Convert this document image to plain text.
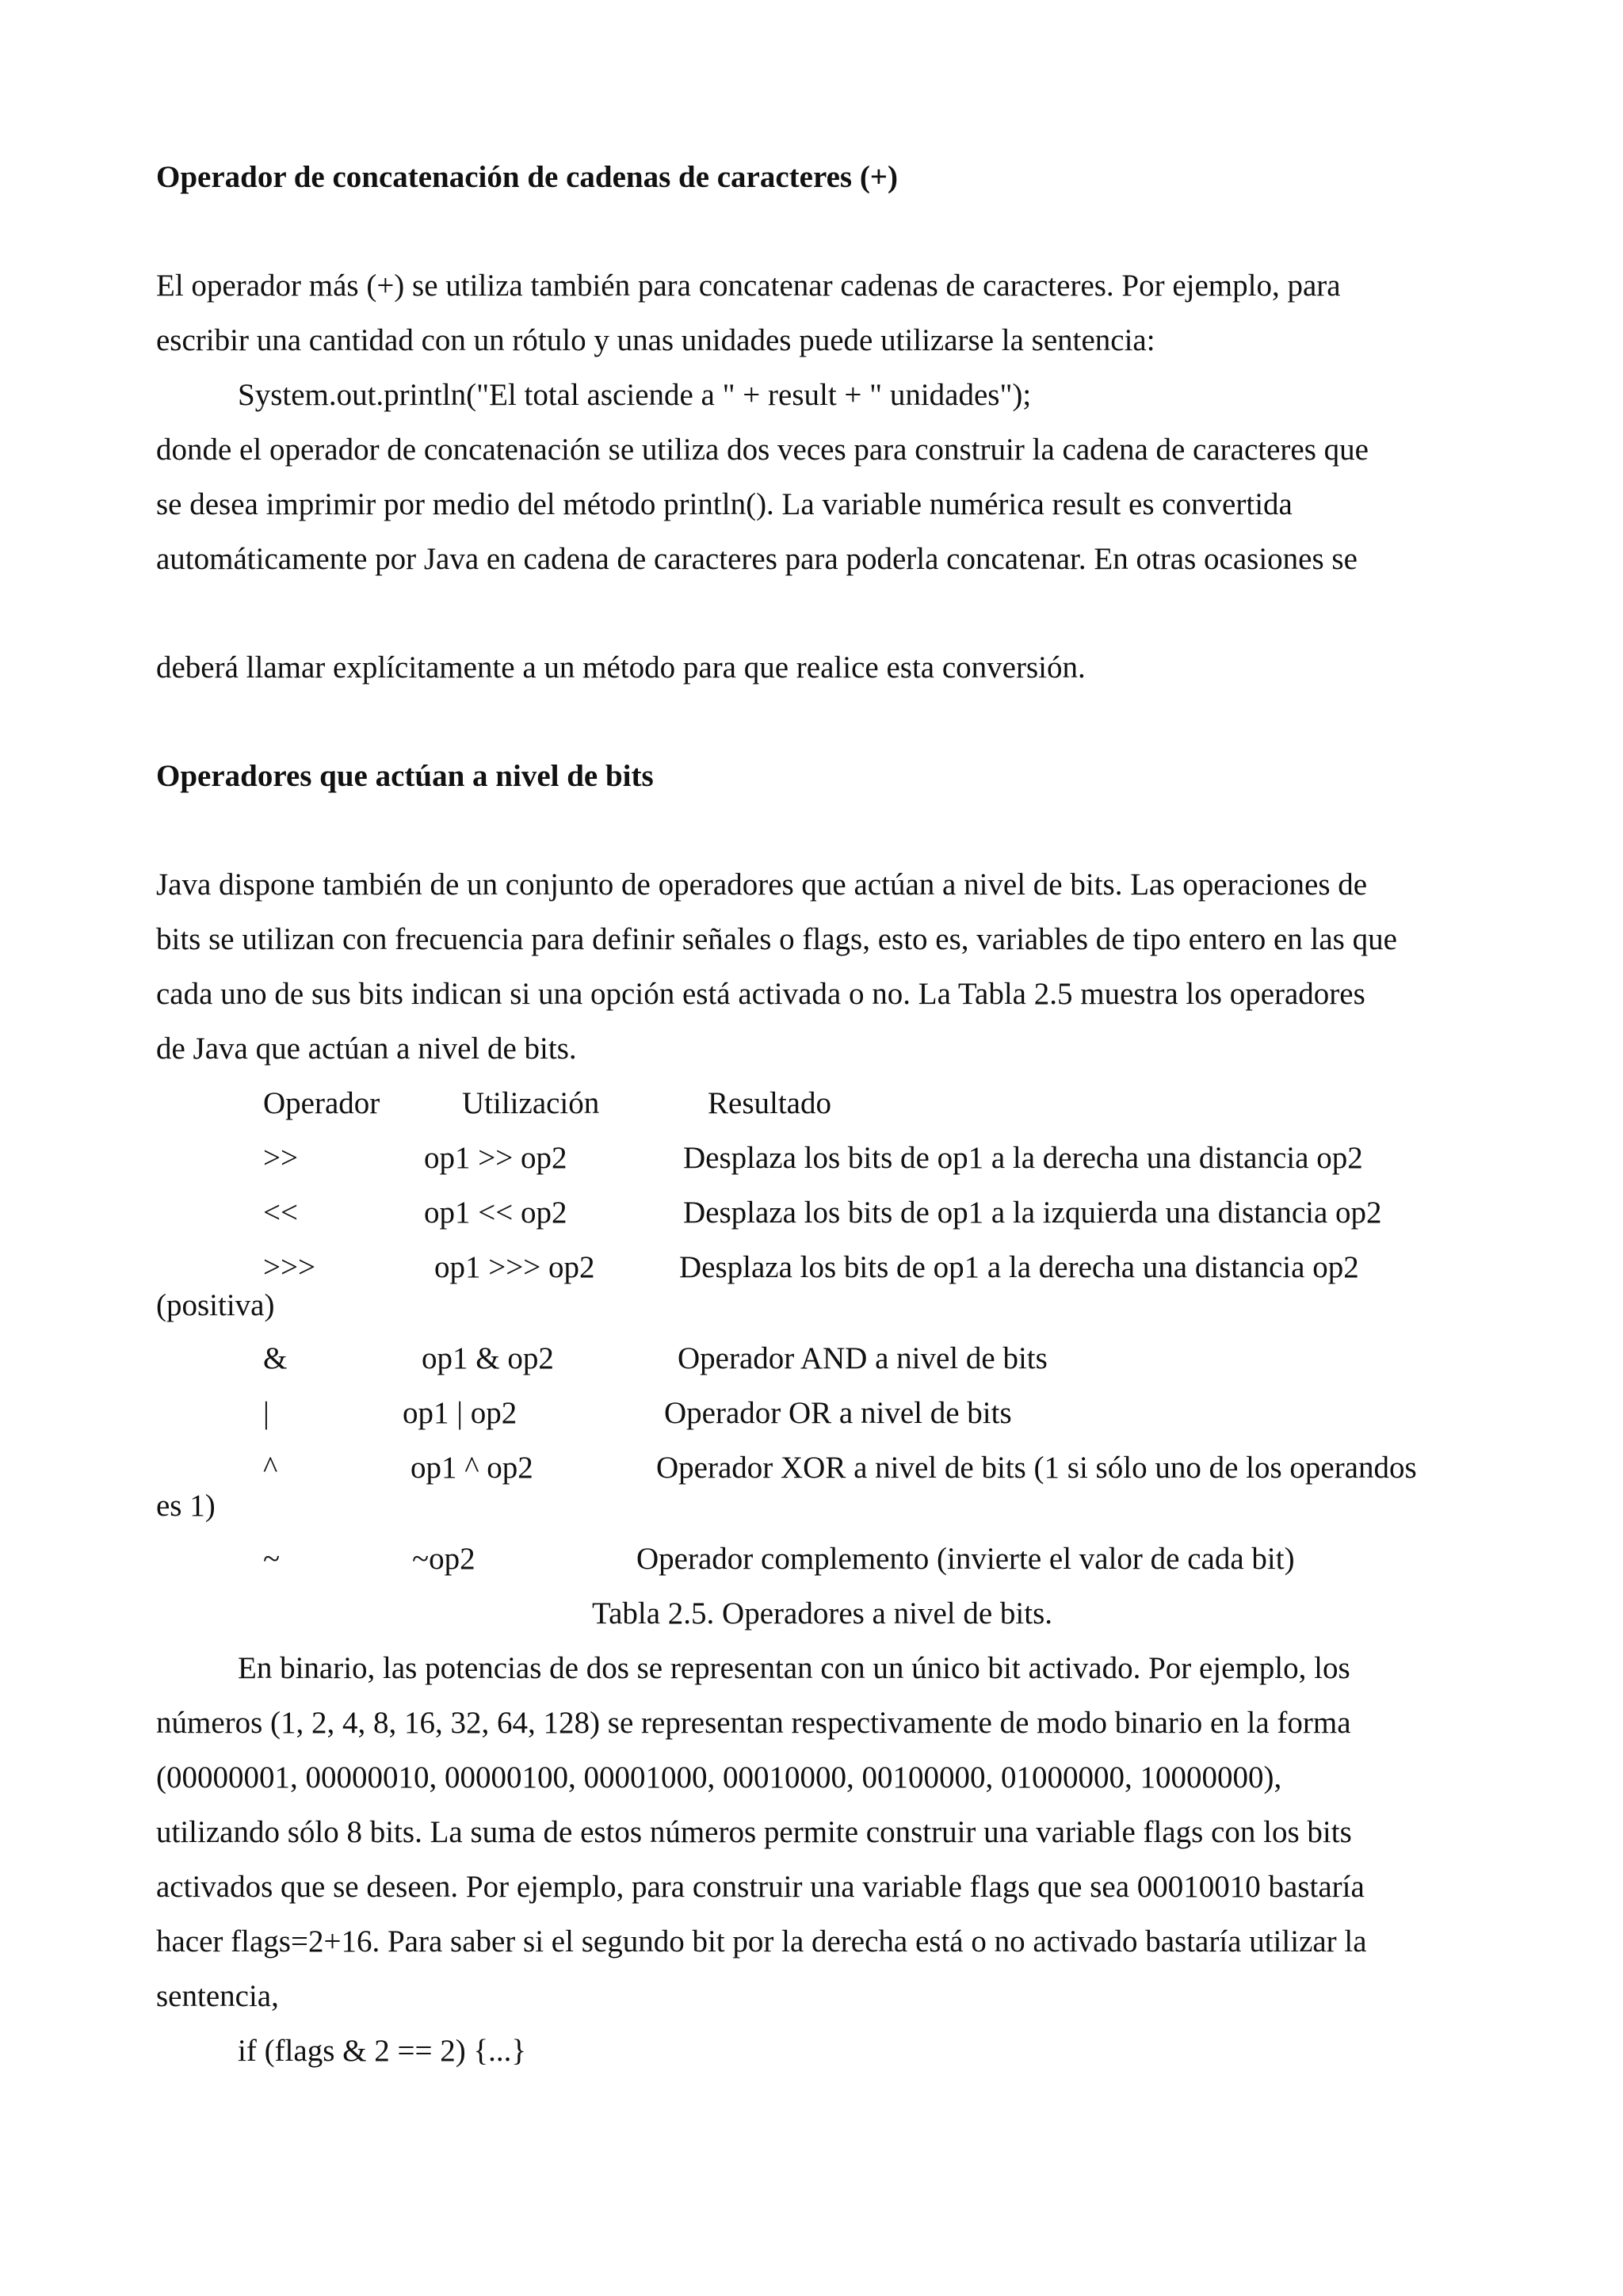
Operador de concatenación de cadenas de caracteres (+)
El operador más (+) se utiliza también para concatenar cadenas de caracteres. Por ejemplo, para
escribir una cantidad con un rótulo y unas unidades puede utilizarse la sentencia:
System.out.println("El total asciende a " + result + " unidades");
donde el operador de concatenación se utiliza dos veces para construir la cadena de caracteres que
se desea imprimir por medio del método println(). La variable numérica result es convertida
automáticamente por Java en cadena de caracteres para poderla concatenar. En otras ocasiones se
deberá llamar explícitamente a un método para que realice esta conversión.
Operadores que actúan a nivel de bits
Java dispone también de un conjunto de operadores que actúan a nivel de bits. Las operaciones de
bits se utilizan con frecuencia para definir señales o flags, esto es, variables de tipo entero en las que
cada uno de sus bits indican si una opción está activada o no. La Tabla 2.5 muestra los operadores
de Java que actúan a nivel de bits.
Operador	Utilización	Resultado
>>	op1 >> op2	Desplaza los bits de op1 a la derecha una distancia op2
<<	op1 << op2	Desplaza los bits de op1 a la izquierda una distancia op2
>>>	op1 >>> op2	Desplaza los bits de op1 a la derecha una distancia op2
(positiva)
&	op1 & op2	Operador AND a nivel de bits
|	op1 | op2	Operador OR a nivel de bits
^	op1 ^ op2	Operador XOR a nivel de bits (1 si sólo uno de los operandos
es 1)
~	~op2	Operador complemento (invierte el valor de cada bit)
Tabla 2.5. Operadores a nivel de bits.
En binario, las potencias de dos se representan con un único bit activado. Por ejemplo, los
números (1, 2, 4, 8, 16, 32, 64, 128) se representan respectivamente de modo binario en la forma
(00000001, 00000010, 00000100, 00001000, 00010000, 00100000, 01000000, 10000000),
utilizando sólo 8 bits. La suma de estos números permite construir una variable flags con los bits
activados que se deseen. Por ejemplo, para construir una variable flags que sea 00010010 bastaría
hacer flags=2+16. Para saber si el segundo bit por la derecha está o no activado bastaría utilizar la
sentencia,
if (flags & 2 == 2) {...}
